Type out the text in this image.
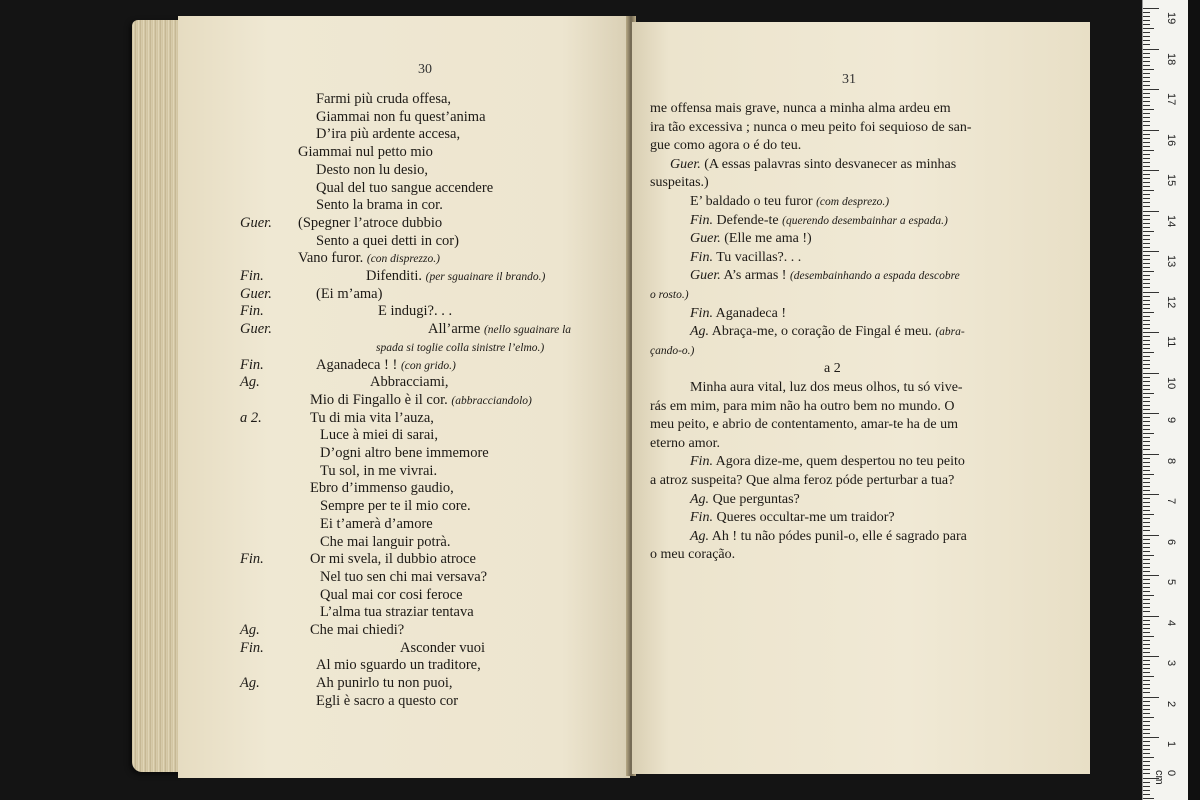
30
Farmi più cruda offesa,
Giammai non fu quest’anima
D’ira più ardente accesa,
Giammai nul petto mio
Desto non lu desio,
Qual del tuo sangue accendere
Sento la brama in cor.
Guer. (Spegner l’atroce dubbio
Sento a quei detti in cor)
Vano furor. (con disprezzo.)
Fin.	Difenditi. (per sguainare il brando.)
Guer.	(Ei m’ama)
Fin.	E indugi?. . .
Guer.	All’arme (nello sguainare la
spada si toglie colla sinistre l’elmo.)
Fin.	Aganadeca ! ! (con grido.)
Ag.	Abbracciami,
Mio di Fingallo è il cor. (abbracciandolo)
a 2.	Tu di mia vita l’auza,
Luce à miei di sarai,
D’ogni altro bene immemore
Tu sol, in me vivrai.
Ebro d’immenso gaudio,
Sempre per te il mio core.
Ei t’amerà d’amore
Che mai languir potrà.
Fin.	Or mi svela, il dubbio atroce
Nel tuo sen chi mai versava?
Qual mai cor cosi feroce
L’alma tua straziar tentava
Ag.	Che mai chiedi?
Fin.	Asconder vuoi
Al mio sguardo un traditore,
Ag.	Ah punirlo tu non puoi,
Egli è sacro a questo cor
31
me offensa mais grave, nunca a minha alma ardeu em
ira tão excessiva ; nunca o meu peito foi sequioso de san-
gue como agora o é do teu.
Guer. (A essas palavras sinto desvanecer as minhas
suspeitas.)
E’ baldado o teu furor (com desprezo.)
Fin. Defende-te (querendo desembainhar a espada.)
Guer. (Elle me ama !)
Fin. Tu vacillas?. . .
Guer. A’s armas ! (desembainhando a espada descobre
o rosto.)
Fin. Aganadeca !
Ag. Abraça-me, o coração de Fingal é meu. (abra-
çando-o.)
a 2
Minha aura vital, luz dos meus olhos, tu só vive-
rás em mim, para mim não ha outro bem no mundo. O
meu peito, e abrio de contentamento, amar-te ha de um
eterno amor.
Fin. Agora dize-me, quem despertou no teu peito
a atroz suspeita? Que alma feroz póde perturbar a tua?
Ag. Que perguntas?
Fin. Queres occultar-me um traidor?
Ag. Ah ! tu não pódes punil-o, elle é sagrado para
o meu coração.
19
18
17
16
15
14
13
12
11
10
9
8
7
6
5
4
3
2
1
0 cm
